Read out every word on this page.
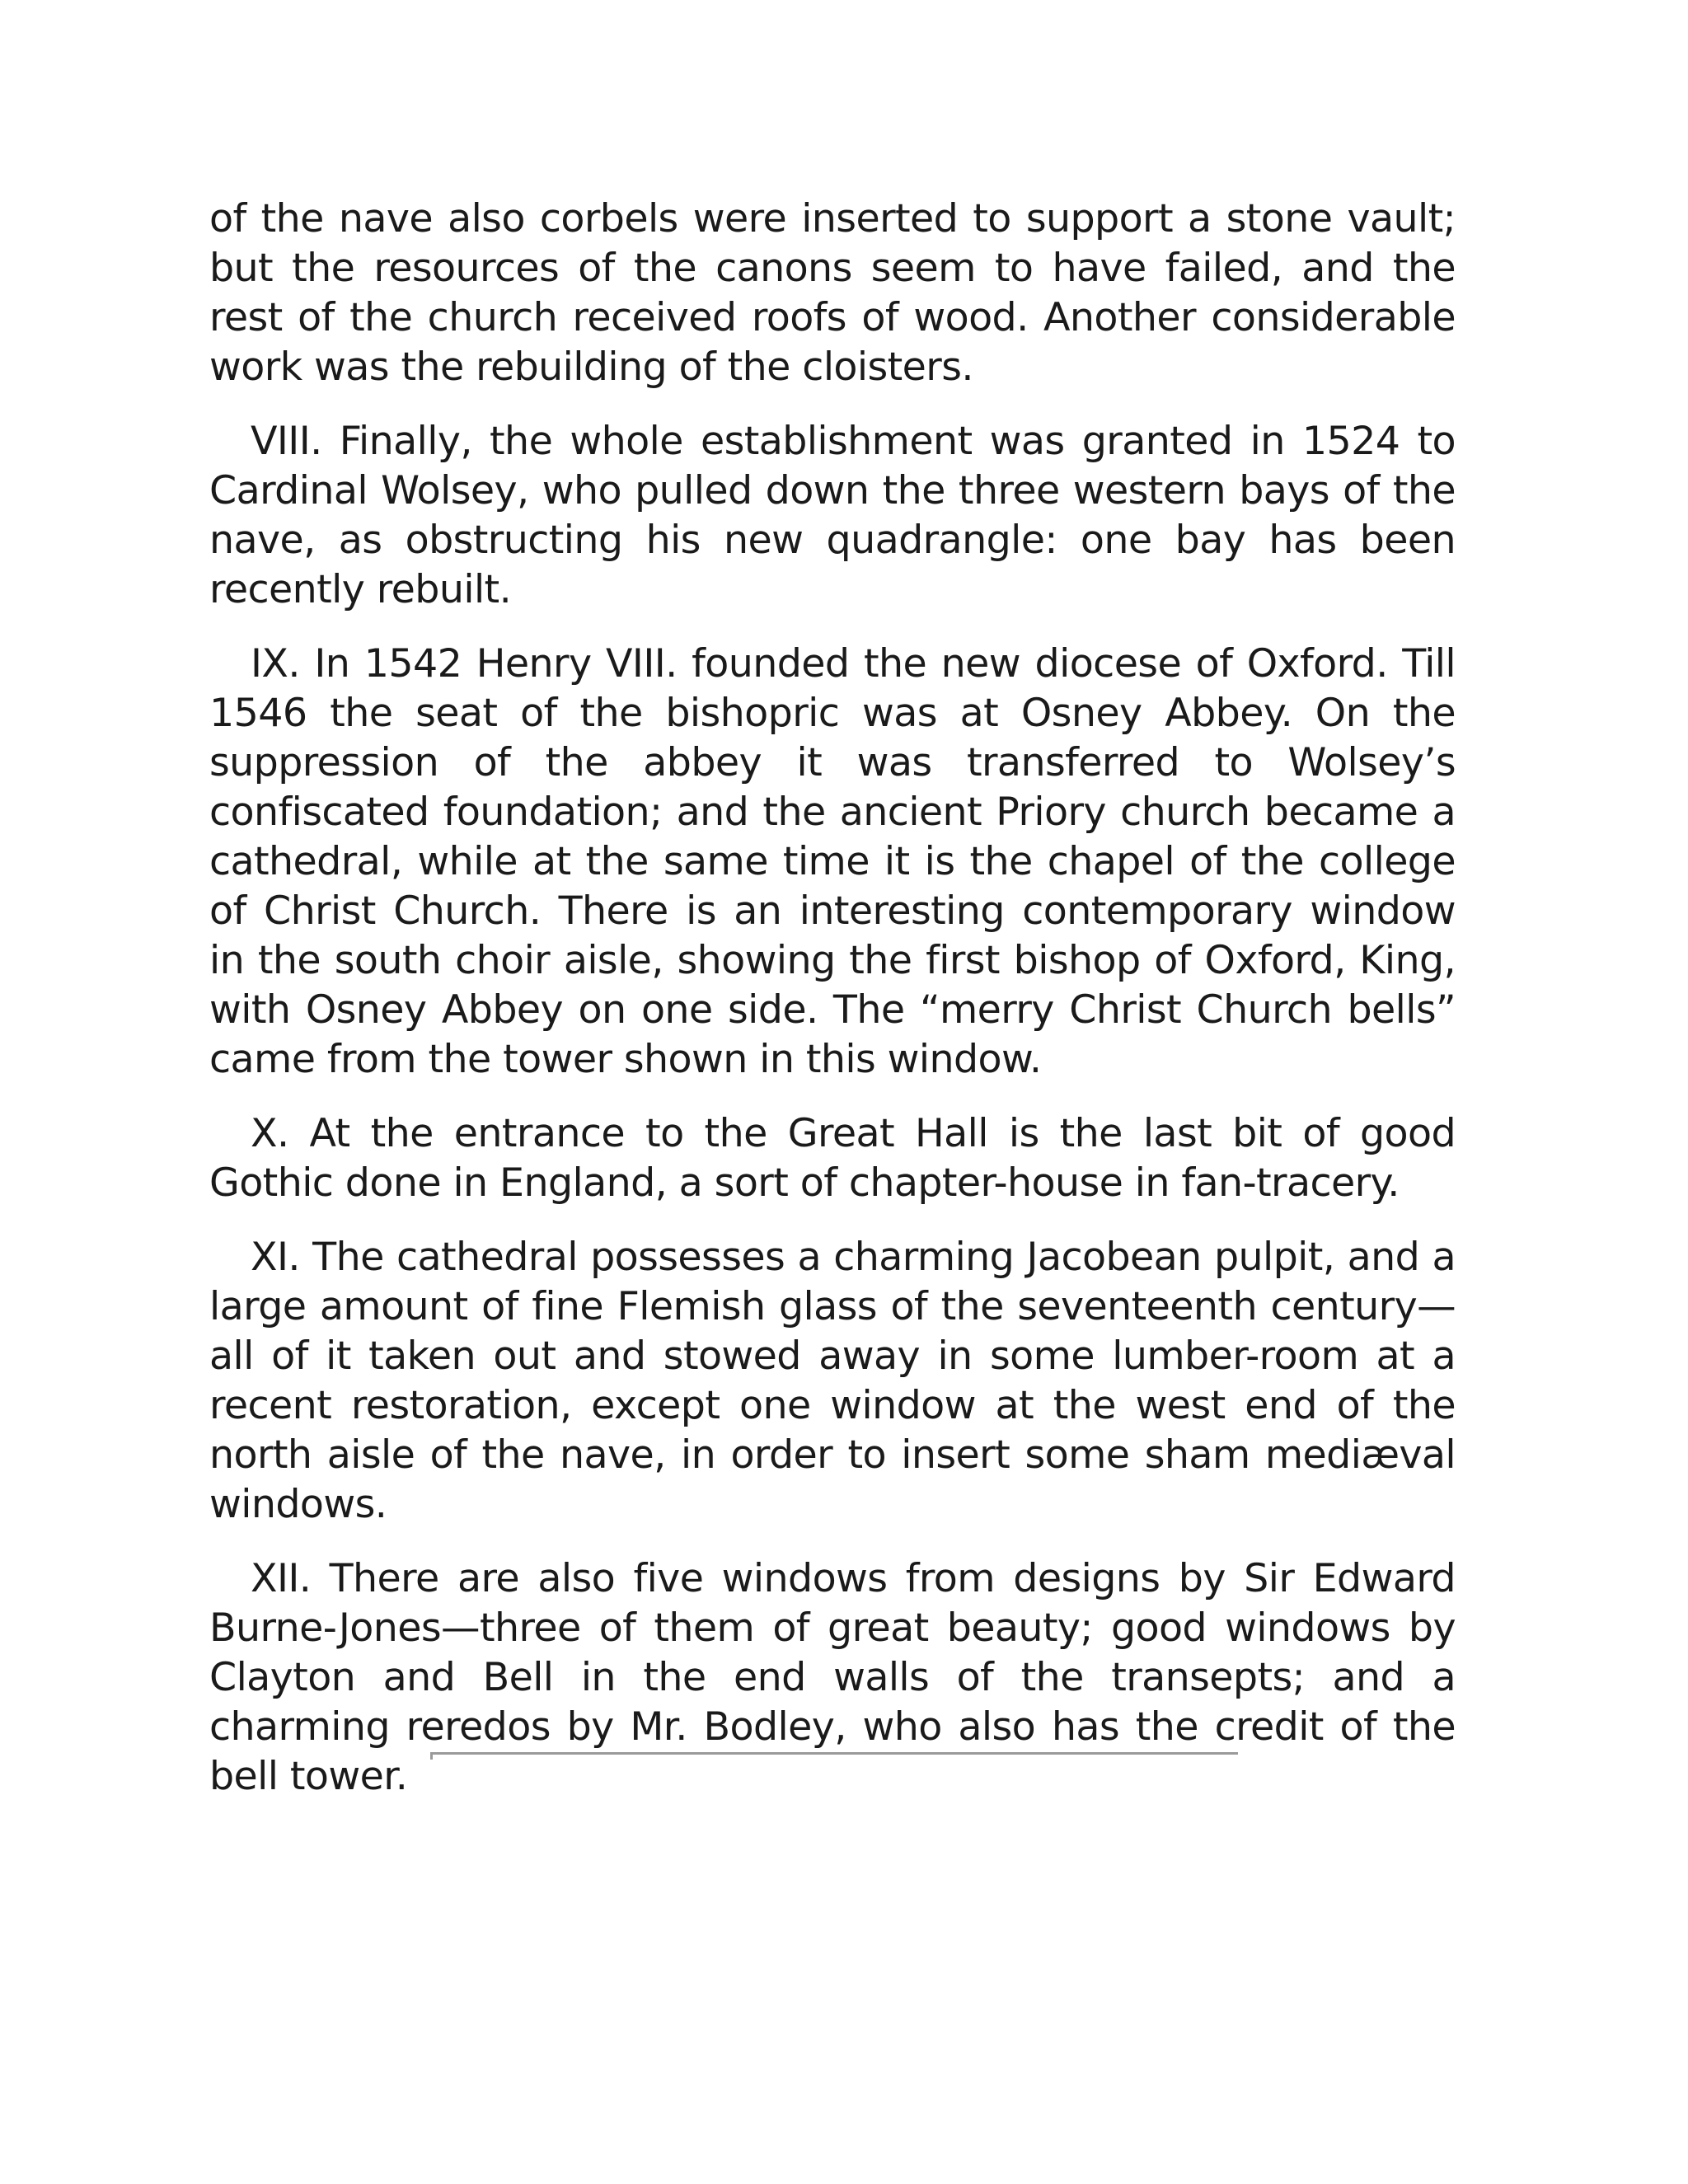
of the nave also corbels were inserted to support a stone vault; but the resources of the canons seem to have failed, and the rest of the church received roofs of wood. Another considerable work was the rebuilding of the cloisters.

VIII. Finally, the whole establishment was granted in 1524 to Cardinal Wolsey, who pulled down the three western bays of the nave, as obstructing his new quadrangle: one bay has been recently rebuilt.

IX. In 1542 Henry VIII. founded the new diocese of Oxford. Till 1546 the seat of the bishopric was at Osney Abbey. On the suppression of the abbey it was transferred to Wolsey’s confiscated foundation; and the ancient Priory church became a cathedral, while at the same time it is the chapel of the college of Christ Church. There is an interesting contemporary window in the south choir aisle, showing the first bishop of Oxford, King, with Osney Abbey on one side. The “merry Christ Church bells” came from the tower shown in this window.

X. At the entrance to the Great Hall is the last bit of good Gothic done in England, a sort of chapter-house in fan-tracery.

XI. The cathedral possesses a charming Jacobean pulpit, and a large amount of fine Flemish glass of the seventeenth century—all of it taken out and stowed away in some lumber-room at a recent restoration, except one window at the west end of the north aisle of the nave, in order to insert some sham mediæval windows.

XII. There are also five windows from designs by Sir Edward Burne-Jones—three of them of great beauty; good windows by Clayton and Bell in the end walls of the transepts; and a charming reredos by Mr. Bodley, who also has the credit of the bell tower.
